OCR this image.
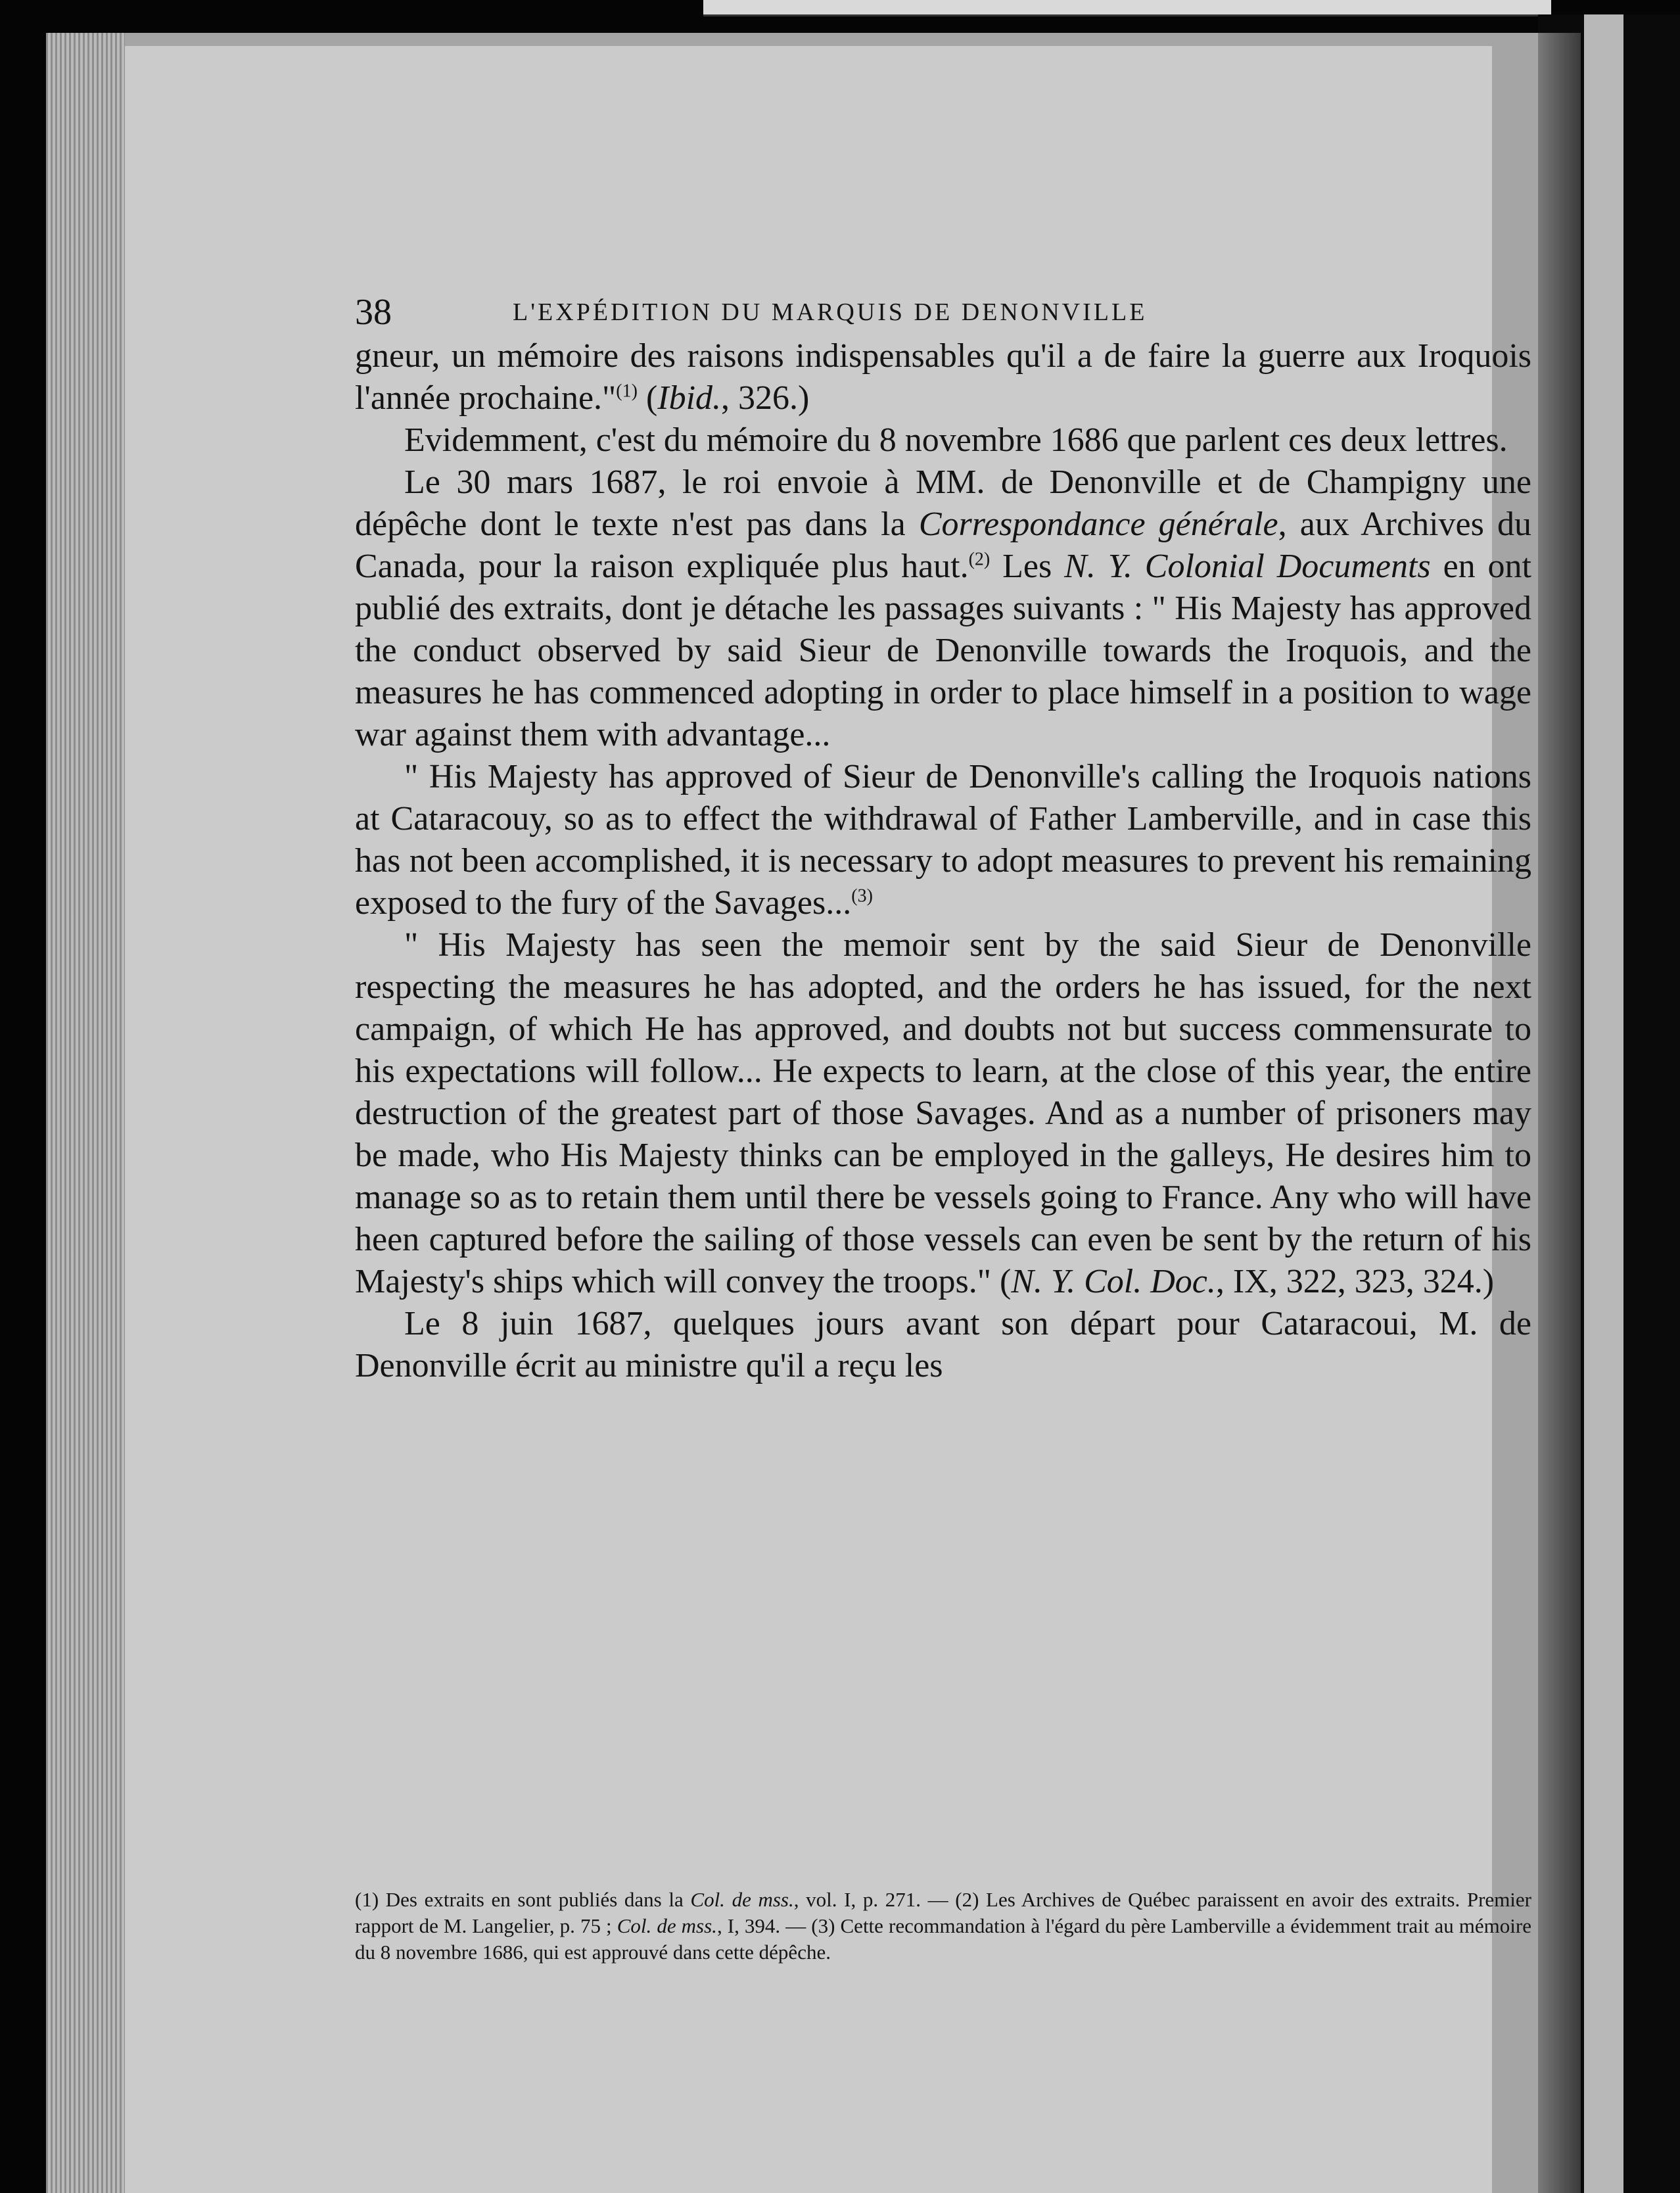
38	L'EXPÉDITION DU MARQUIS DE DENONVILLE

gneur, un mémoire des raisons indispensables qu'il a de faire la guerre aux Iroquois l'année prochaine."$^{(1)}$ (Ibid., 326.)

Evidemment, c'est du mémoire du 8 novembre 1686 que parlent ces deux lettres.

Le 30 mars 1687, le roi envoie à MM. de Denonville et de Champigny une dépêche dont le texte n'est pas dans la Correspondance générale, aux Archives du Canada, pour la raison expliquée plus haut.$^{(2)}$ Les N. Y. Colonial Documents en ont publié des extraits, dont je détache les passages suivants : " His Majesty has approved the conduct observed by said Sieur de Denonville towards the Iroquois, and the measures he has commenced adopting in order to place himself in a position to wage war against them with advantage...

" His Majesty has approved of Sieur de Denonville's calling the Iroquois nations at Cataracouy, so as to effect the withdrawal of Father Lamberville, and in case this has not been accomplished, it is necessary to adopt measures to prevent his remaining exposed to the fury of the Savages...$^{(3)}$

" His Majesty has seen the memoir sent by the said Sieur de Denonville respecting the measures he has adopted, and the orders he has issued, for the next campaign, of which He has approved, and doubts not but success commensurate to his expectations will follow... He expects to learn, at the close of this year, the entire destruction of the greatest part of those Savages. And as a number of prisoners may be made, who His Majesty thinks can be employed in the galleys, He desires him to manage so as to retain them until there be vessels going to France. Any who will have heen captured before the sailing of those vessels can even be sent by the return of his Majesty's ships which will convey the troops." (N. Y. Col. Doc., IX, 322, 323, 324.)

Le 8 juin 1687, quelques jours avant son départ pour Cataracoui, M. de Denonville écrit au ministre qu'il a reçu les

(1) Des extraits en sont publiés dans la Col. de mss., vol. I, p. 271. — (2) Les Archives de Québec paraissent en avoir des extraits. Premier rapport de M. Langelier, p. 75 ; Col. de mss., I, 394. — (3) Cette recommandation à l'égard du père Lamberville a évidemment trait au mémoire du 8 novembre 1686, qui est approuvé dans cette dépêche.
